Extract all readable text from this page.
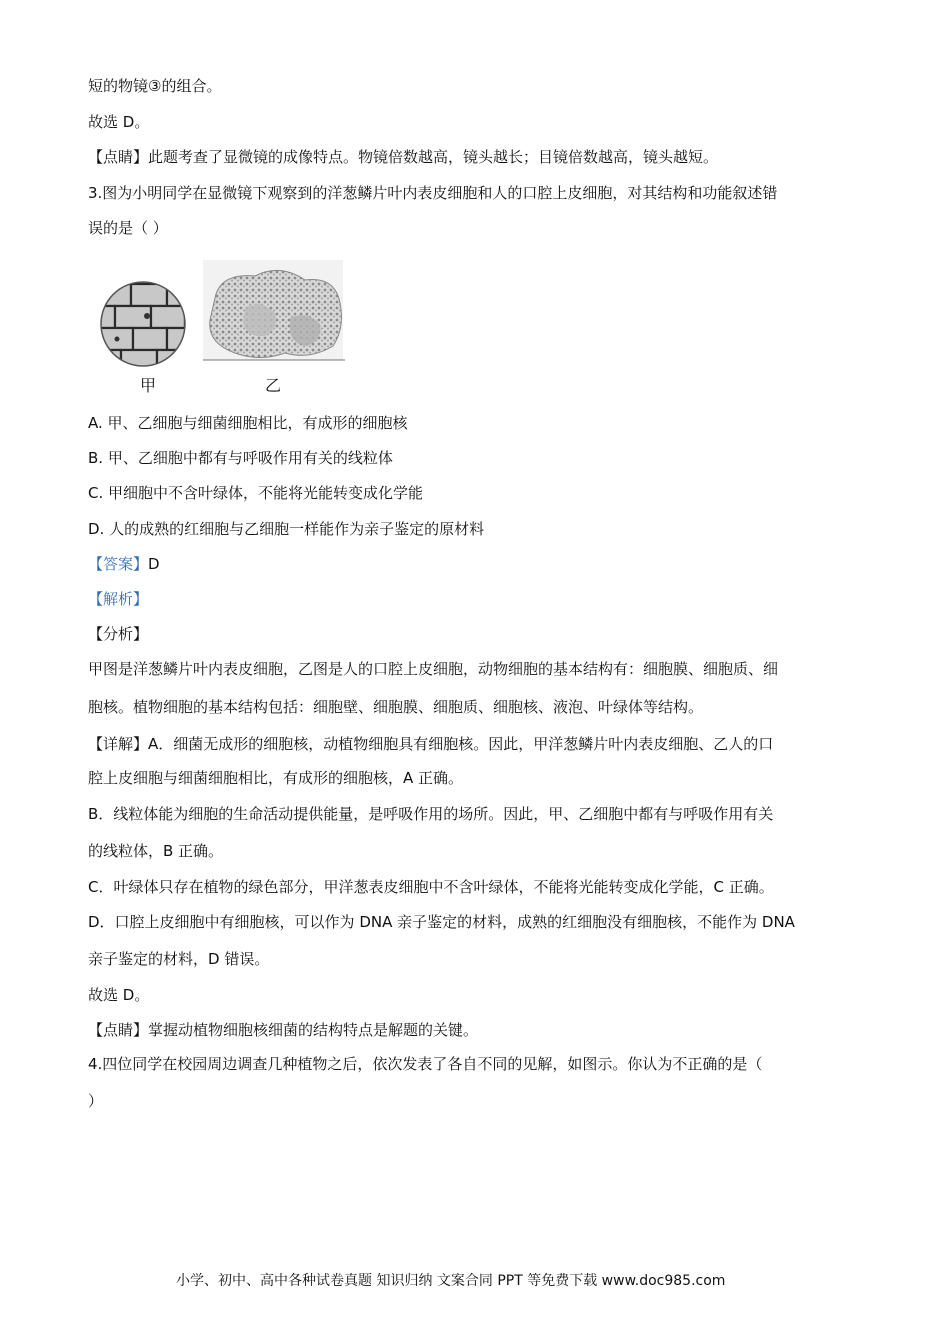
短的物镜③的组合。
故选 D。
【点睛】此题考查了显微镜的成像特点。物镜倍数越高，镜头越长；目镜倍数越高，镜头越短。
3.图为小明同学在显微镜下观察到的洋葱鳞片叶内表皮细胞和人的口腔上皮细胞，对其结构和功能叙述错
误的是（ ）
甲	乙
A. 甲、乙细胞与细菌细胞相比，有成形的细胞核
B. 甲、乙细胞中都有与呼吸作用有关的线粒体
C. 甲细胞中不含叶绿体，不能将光能转变成化学能
D. 人的成熟的红细胞与乙细胞一样能作为亲子鉴定的原材料
【答案】D
【解析】
【分析】
甲图是洋葱鳞片叶内表皮细胞，乙图是人的口腔上皮细胞，动物细胞的基本结构有：细胞膜、细胞质、细
胞核。植物细胞的基本结构包括：细胞壁、细胞膜、细胞质、细胞核、液泡、叶绿体等结构。
【详解】A．细菌无成形的细胞核，动植物细胞具有细胞核。因此，甲洋葱鳞片叶内表皮细胞、乙人的口
腔上皮细胞与细菌细胞相比，有成形的细胞核，A 正确。
B．线粒体能为细胞的生命活动提供能量，是呼吸作用的场所。因此，甲、乙细胞中都有与呼吸作用有关
的线粒体，B 正确。
C．叶绿体只存在植物的绿色部分，甲洋葱表皮细胞中不含叶绿体，不能将光能转变成化学能，C 正确。
D．口腔上皮细胞中有细胞核，可以作为 DNA 亲子鉴定的材料，成熟的红细胞没有细胞核，不能作为 DNA
亲子鉴定的材料，D 错误。
故选 D。
【点睛】掌握动植物细胞核细菌的结构特点是解题的关键。
4.四位同学在校园周边调查几种植物之后，依次发表了各自不同的见解，如图示。你认为不正确的是（
）
小学、初中、高中各种试卷真题 知识归纳 文案合同 PPT 等免费下载 www.doc985.com
